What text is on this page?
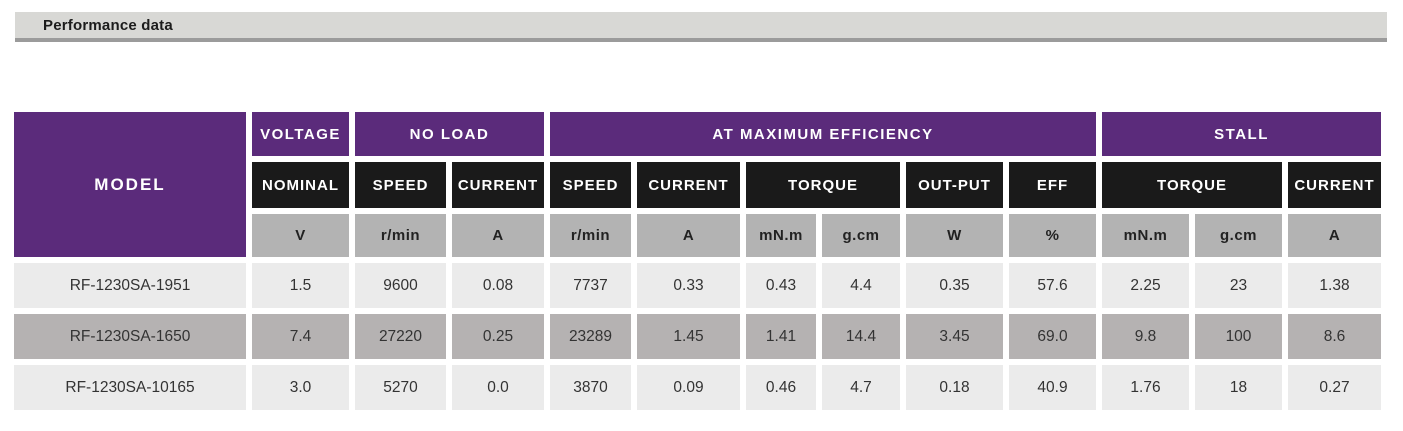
Performance data
MODEL	VOLTAGE	NO LOAD		AT MAXIMUM EFFICIENCY						STALL		
	NOMINAL	SPEED	CURRENT	SPEED	CURRENT	TORQUE		OUT-PUT	EFF	TORQUE		CURRENT
	V	r/min	A	r/min	A	mN.m	g.cm	W	%	mN.m	g.cm	A
RF-1230SA-1951	1.5	9600	0.08	7737	0.33	0.43	4.4	0.35	57.6	2.25	23	1.38
RF-1230SA-1650	7.4	27220	0.25	23289	1.45	1.41	14.4	3.45	69.0	9.8	100	8.6
RF-1230SA-10165	3.0	5270	0.0	3870	0.09	0.46	4.7	0.18	40.9	1.76	18	0.27
